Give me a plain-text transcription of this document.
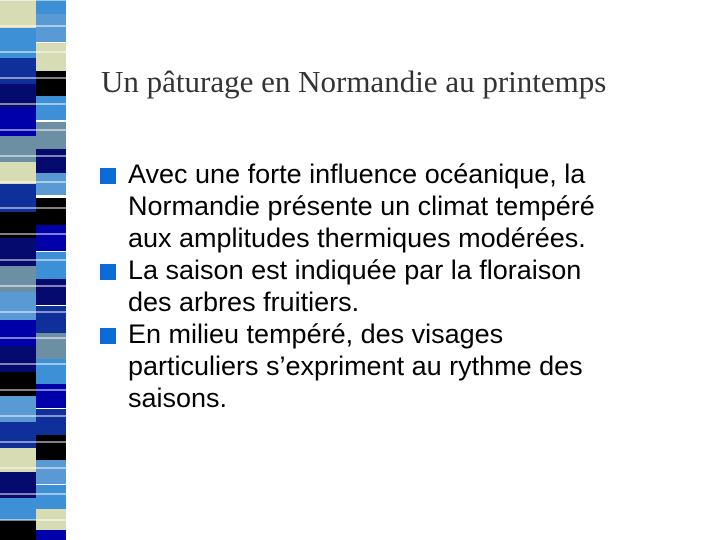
Un pâturage en Normandie au printemps
Avec une forte influence océanique, la
Normandie présente un climat tempéré
aux amplitudes thermiques modérées.
La saison est indiquée par la floraison
des arbres fruitiers.
En milieu tempéré, des visages
particuliers s’expriment au rythme des
saisons.
